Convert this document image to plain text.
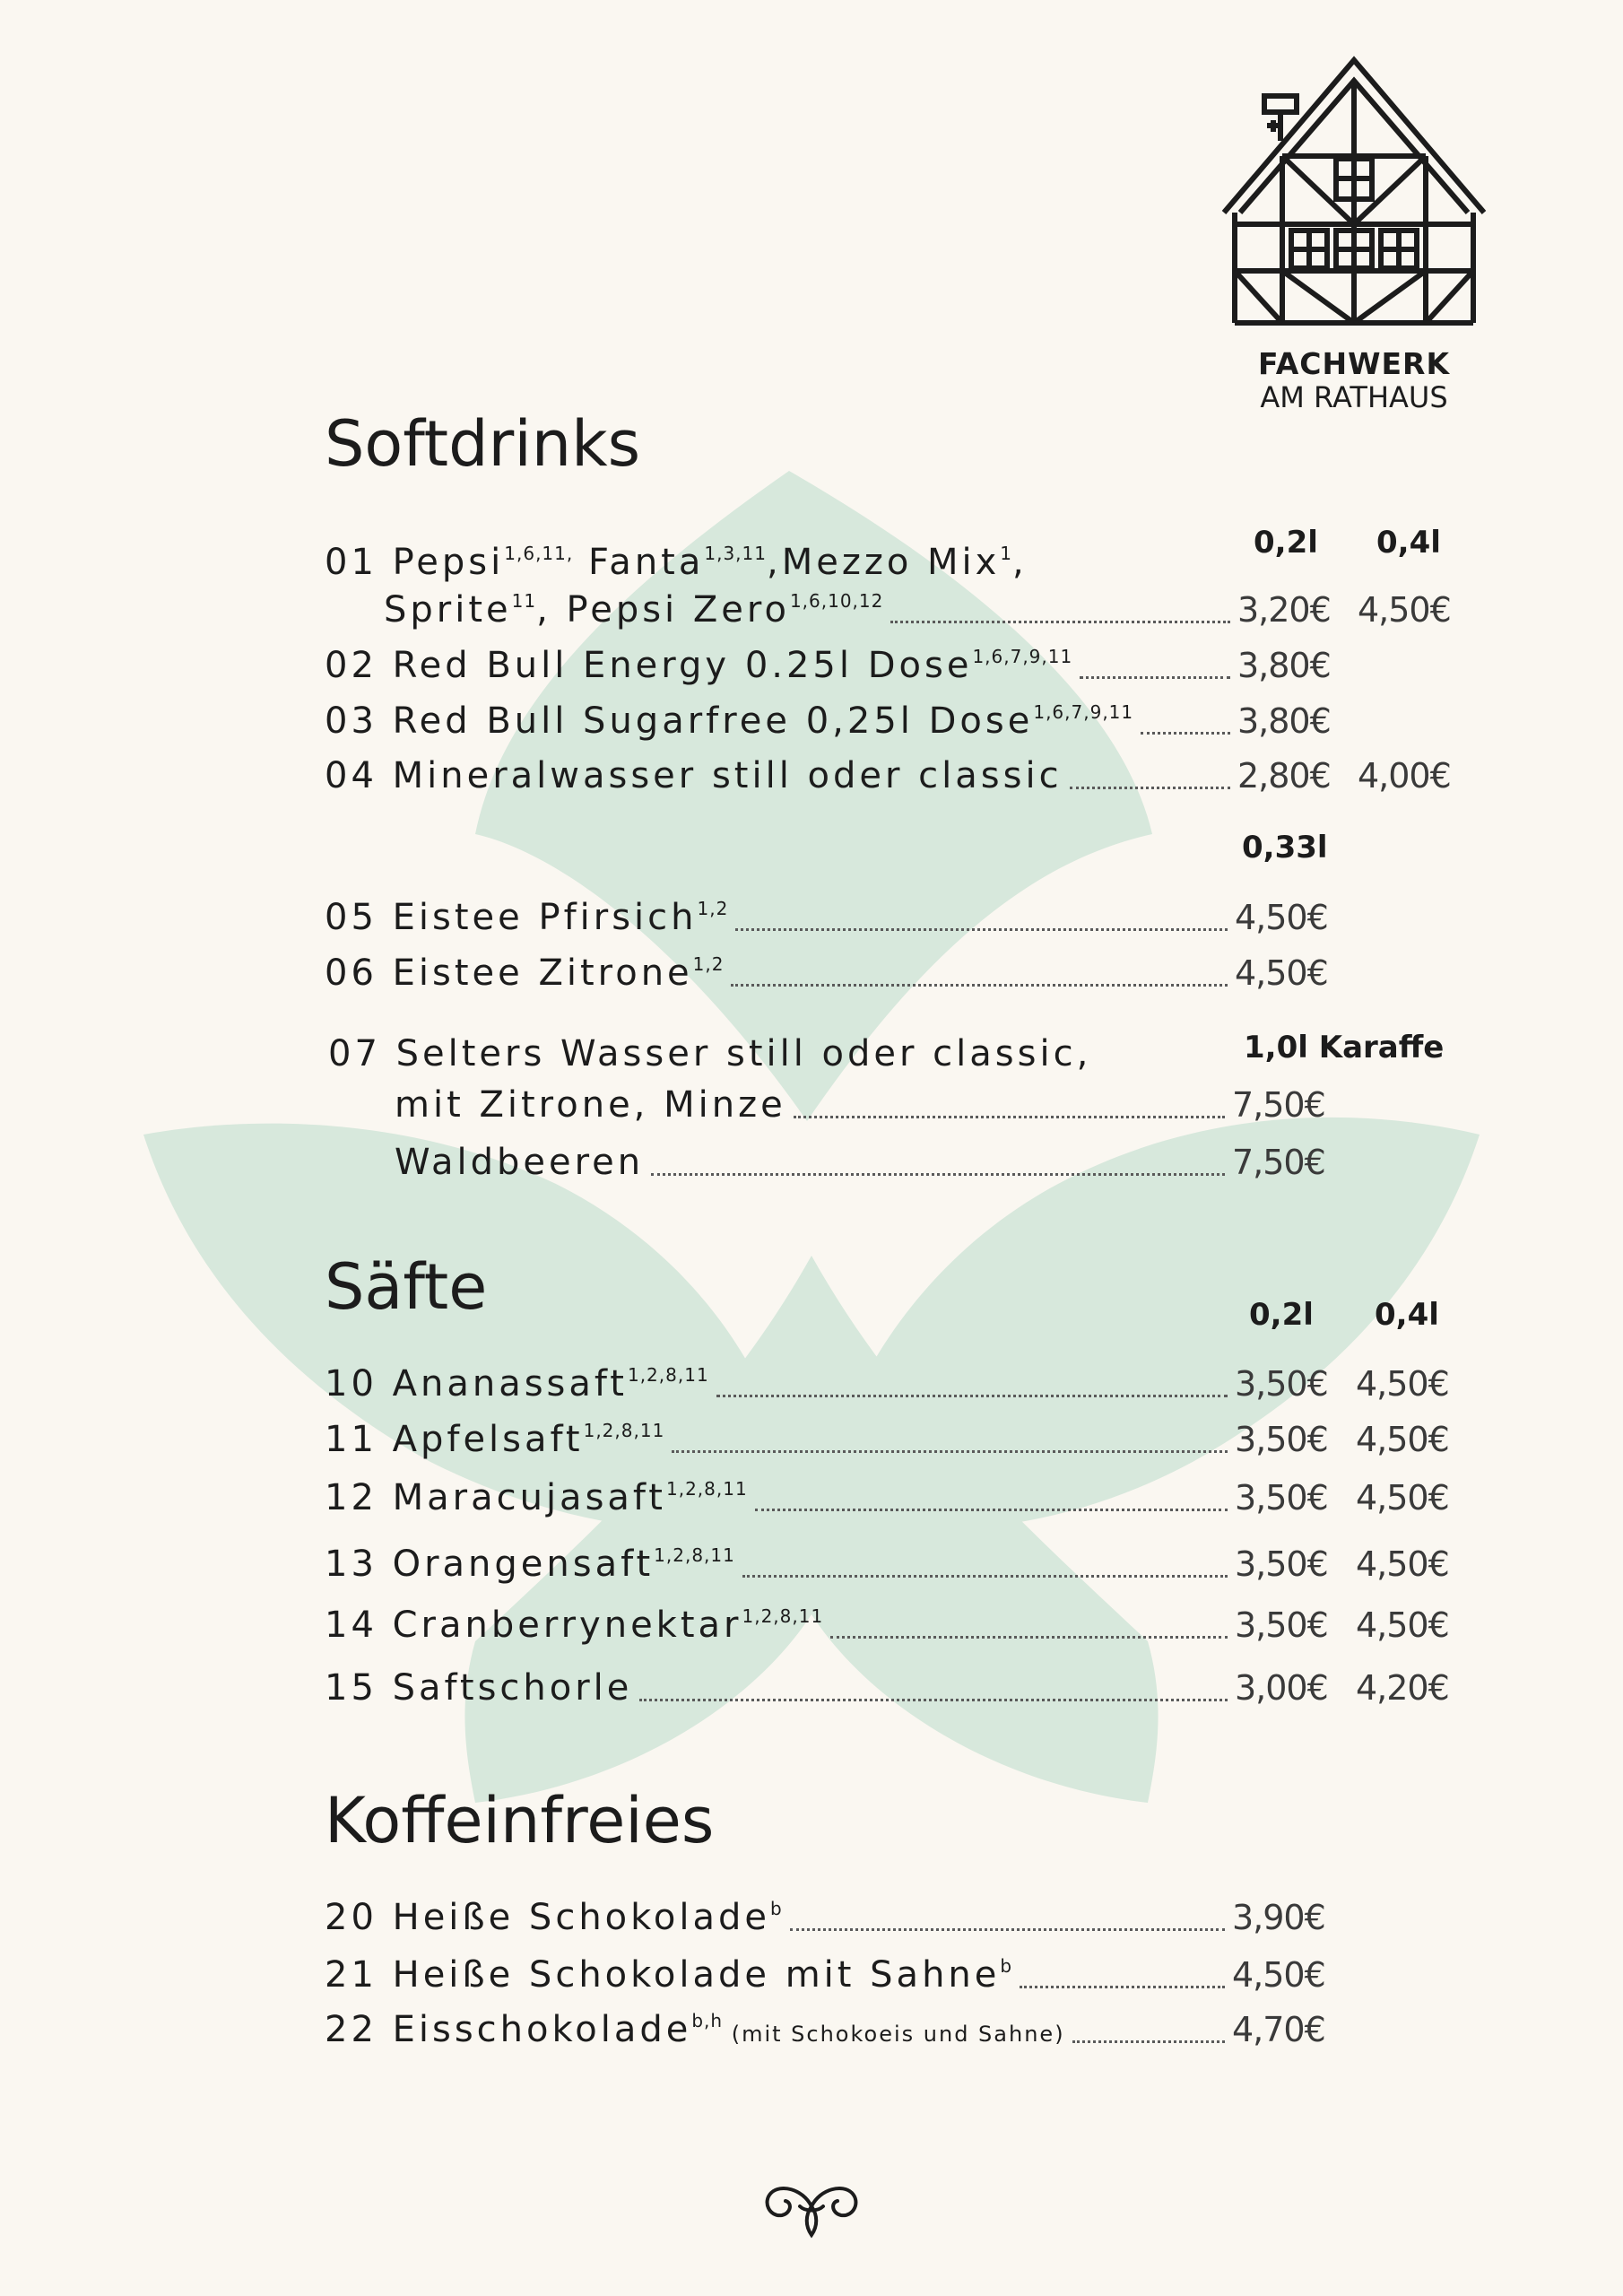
FACHWERK
AM RATHAUS
Softdrinks
0,2l 0,4l
01 Pepsi$^{1,6,11,}$ Fanta$^{1,3,11}$,Mezzo Mix$^1$,
Sprite$^{11}$, Pepsi Zero$^{1,6,10,12}$	3,20€ 4,50€
02 Red Bull Energy 0.25l Dose$^{1,6,7,9,11}$	3,80€
03 Red Bull Sugarfree 0,25l Dose$^{1,6,7,9,11}$	3,80€
04 Mineralwasser still oder classic	2,80€ 4,00€
0,33l
05 Eistee Pfirsich$^{1,2}$	4,50€
06 Eistee Zitrone$^{1,2}$	4,50€
1,0l Karaffe
07 Selters Wasser still oder classic,
mit Zitrone, Minze	7,50€
Waldbeeren	7,50€
Säfte	0,2l 0,4l
10 Ananassaft$^{1,2,8,11}$	3,50€ 4,50€
11 Apfelsaft$^{1,2,8,11}$	3,50€ 4,50€
12 Maracujasaft$^{1,2,8,11}$	3,50€ 4,50€
13 Orangensaft$^{1,2,8,11}$	3,50€ 4,50€
14 Cranberrynektar$^{1,2,8,11}$	3,50€ 4,50€
15 Saftschorle	3,00€ 4,20€
Koffeinfreies
20 Heiße Schokolade$^b$	3,90€
21 Heiße Schokolade mit Sahne$^b$	4,50€
22 Eisschokolade$^{b,h}$ (mit Schokoeis und Sahne)	4,70€
